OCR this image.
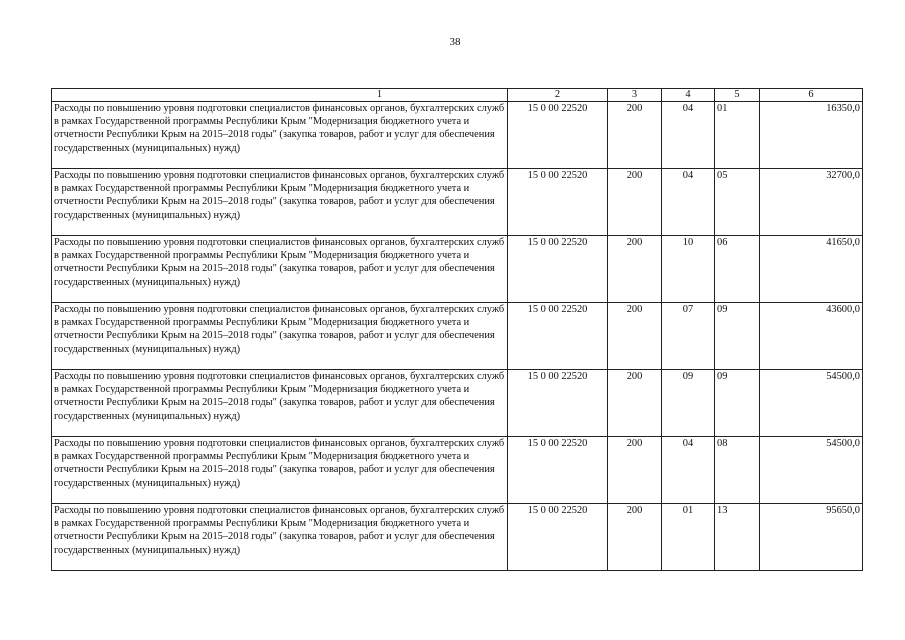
38
1	2	3	4	5	6
Расходы по повышению уровня подготовки специалистов финансовых органов, бухгалтерских служб в рамках Государственной программы Республики Крым "Модернизация бюджетного учета и отчетности Республики Крым на 2015–2018 годы" (закупка товаров, работ и услуг для обеспечения государственных (муниципальных) нужд)	15 0 00 22520	200	04	01	16350,0
Расходы по повышению уровня подготовки специалистов финансовых органов, бухгалтерских служб в рамках Государственной программы Республики Крым "Модернизация бюджетного учета и отчетности Республики Крым на 2015–2018 годы" (закупка товаров, работ и услуг для обеспечения государственных (муниципальных) нужд)	15 0 00 22520	200	04	05	32700,0
Расходы по повышению уровня подготовки специалистов финансовых органов, бухгалтерских служб в рамках Государственной программы Республики Крым "Модернизация бюджетного учета и отчетности Республики Крым на 2015–2018 годы" (закупка товаров, работ и услуг для обеспечения государственных (муниципальных) нужд)	15 0 00 22520	200	10	06	41650,0
Расходы по повышению уровня подготовки специалистов финансовых органов, бухгалтерских служб в рамках Государственной программы Республики Крым "Модернизация бюджетного учета и отчетности Республики Крым на 2015–2018 годы" (закупка товаров, работ и услуг для обеспечения государственных (муниципальных) нужд)	15 0 00 22520	200	07	09	43600,0
Расходы по повышению уровня подготовки специалистов финансовых органов, бухгалтерских служб в рамках Государственной программы Республики Крым "Модернизация бюджетного учета и отчетности Республики Крым на 2015–2018 годы" (закупка товаров, работ и услуг для обеспечения государственных (муниципальных) нужд)	15 0 00 22520	200	09	09	54500,0
Расходы по повышению уровня подготовки специалистов финансовых органов, бухгалтерских служб в рамках Государственной программы Республики Крым "Модернизация бюджетного учета и отчетности Республики Крым на 2015–2018 годы" (закупка товаров, работ и услуг для обеспечения государственных (муниципальных) нужд)	15 0 00 22520	200	04	08	54500,0
Расходы по повышению уровня подготовки специалистов финансовых органов, бухгалтерских служб в рамках Государственной программы Республики Крым "Модернизация бюджетного учета и отчетности Республики Крым на 2015–2018 годы" (закупка товаров, работ и услуг для обеспечения государственных (муниципальных) нужд)	15 0 00 22520	200	01	13	95650,0
